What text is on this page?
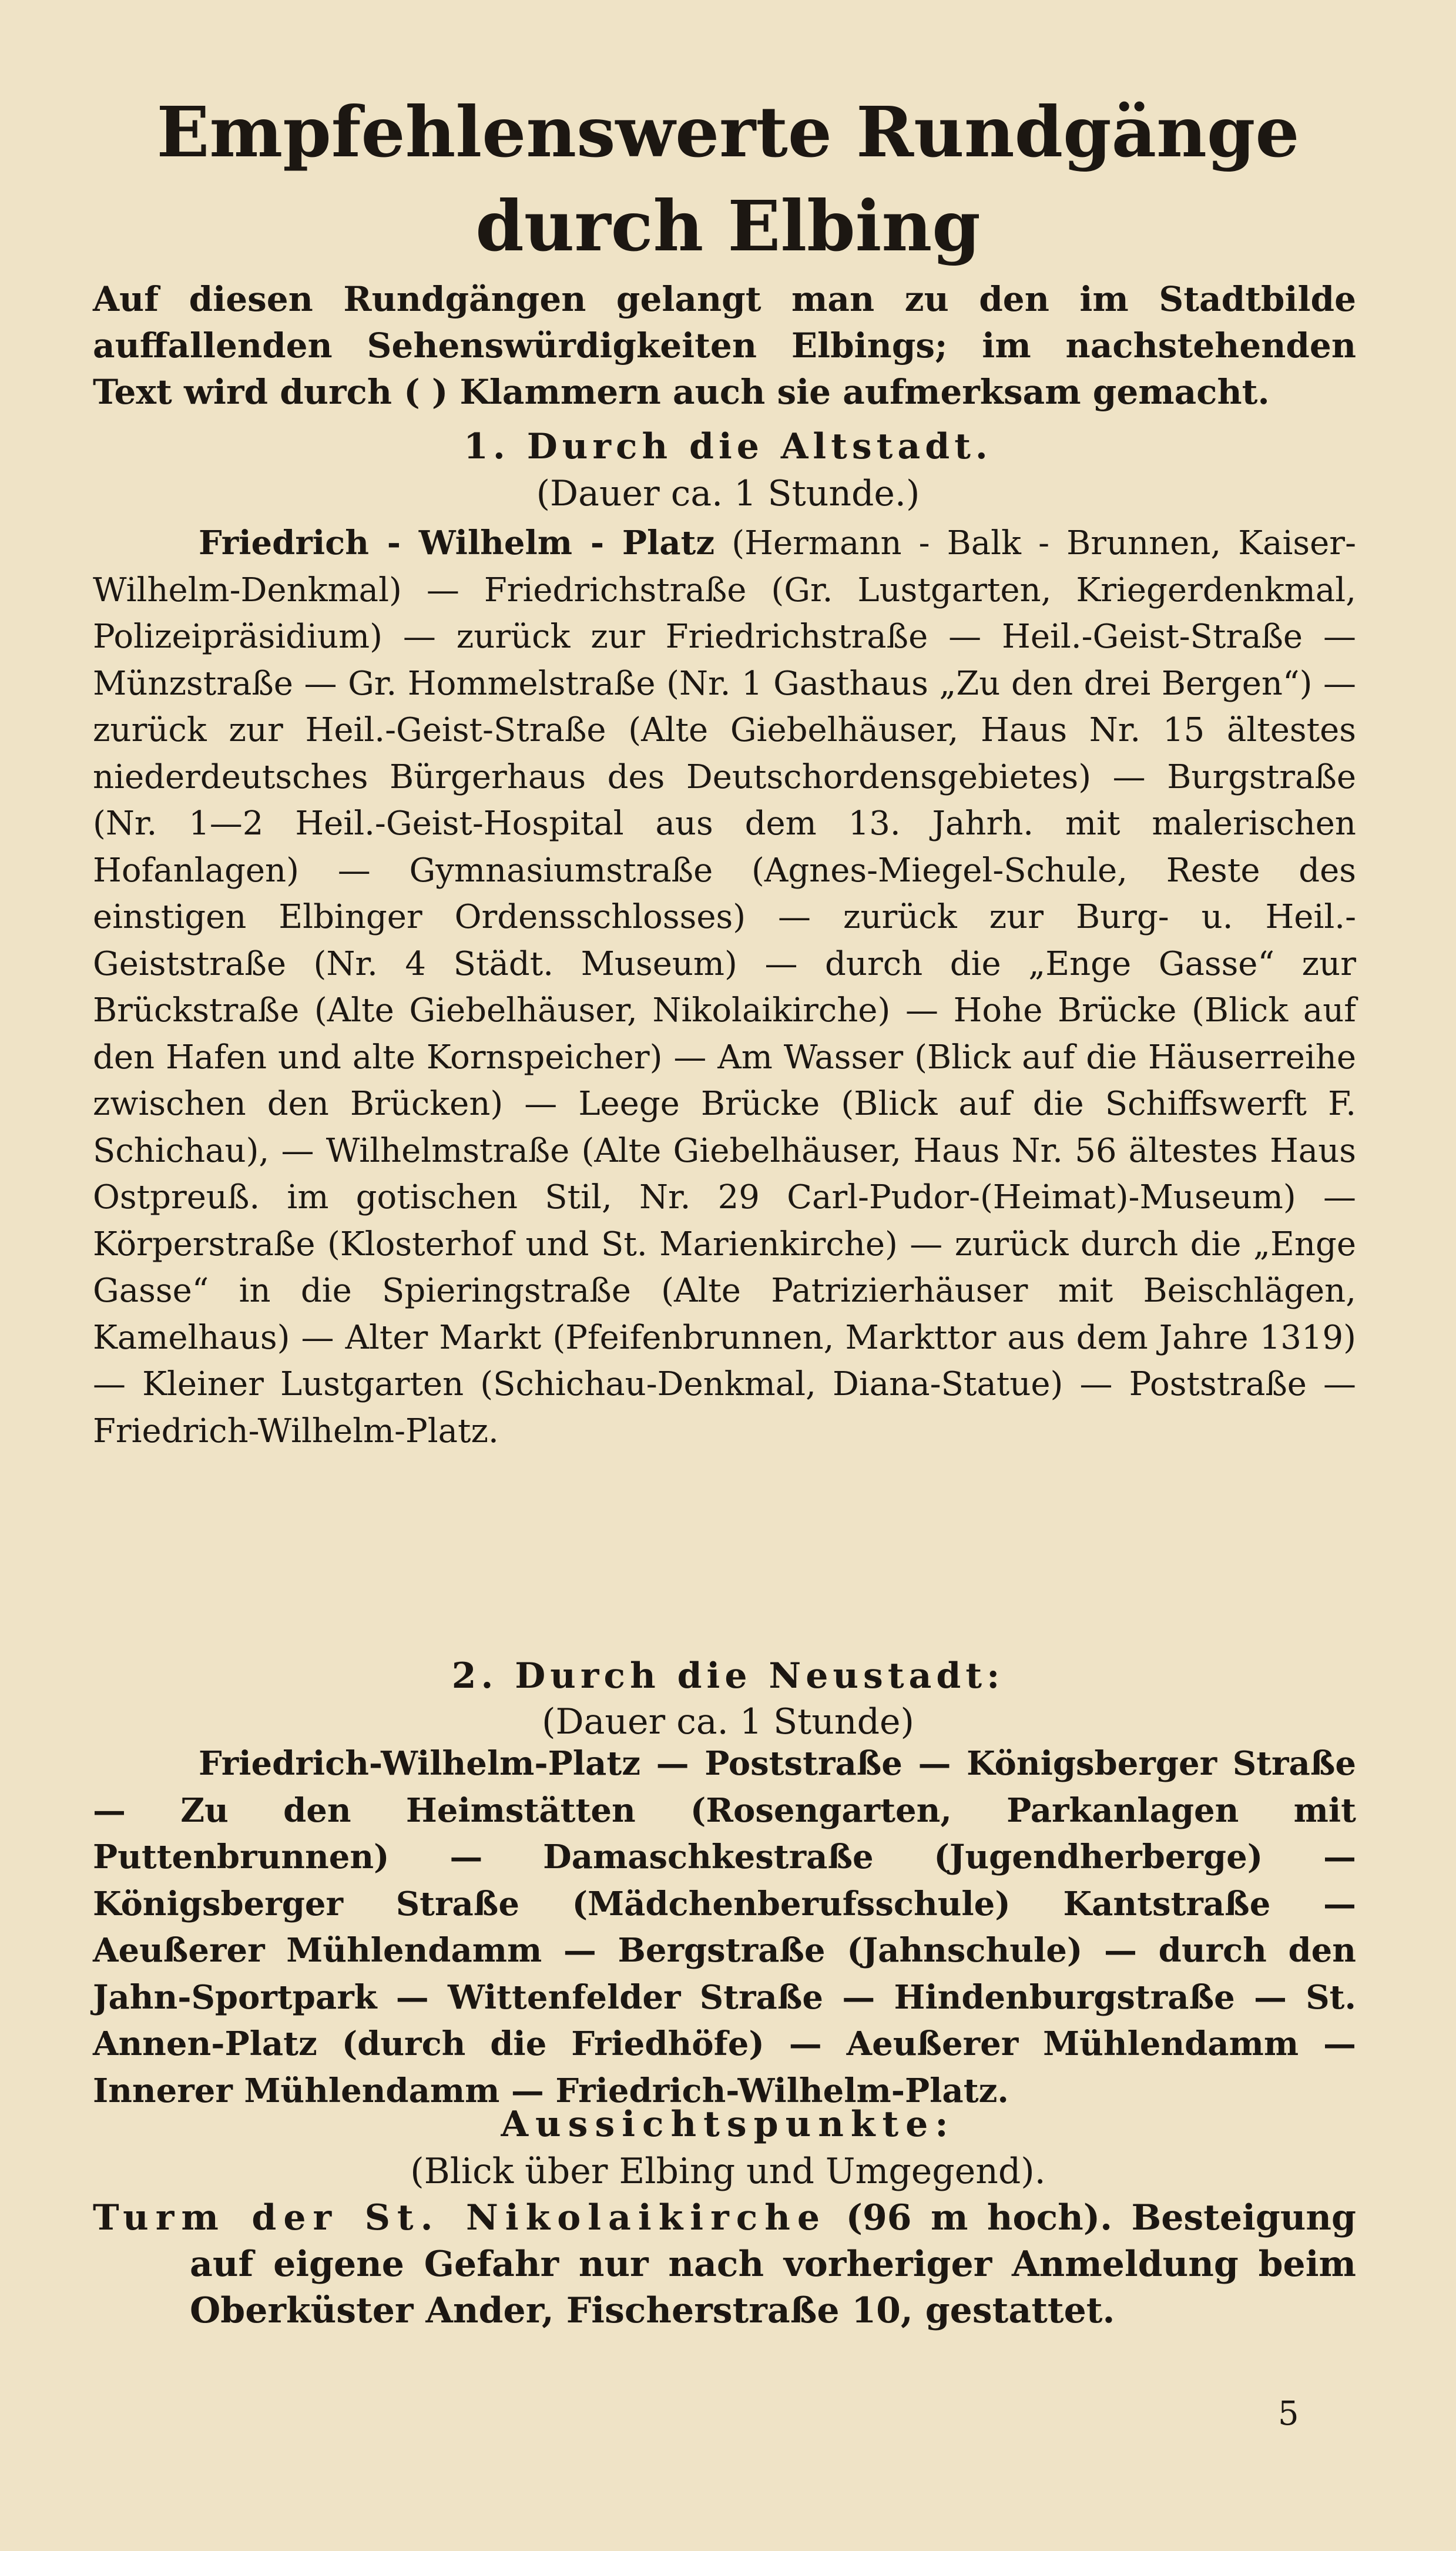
Empfehlenswerte Rundgänge durch Elbing

Auf diesen Rundgängen gelangt man zu den im Stadtbilde auffallenden Sehenswürdigkeiten Elbings; im nachstehenden Text wird durch ( ) Klammern auch sie aufmerksam gemacht.

1. Durch die Altstadt.

(Dauer ca. 1 Stunde.)

Friedrich - Wilhelm - Platz (Hermann - Balk - Brunnen, Kaiser-Wilhelm-Denkmal) — Friedrichstraße (Gr. Lustgarten, Kriegerdenkmal, Polizeipräsidium) — zurück zur Friedrichstraße — Heil.-Geist-Straße — Münzstraße — Gr. Hommelstraße (Nr. 1 Gasthaus „Zu den drei Bergen“) — zurück zur Heil.-Geist-Straße (Alte Giebelhäuser, Haus Nr. 15 ältestes niederdeutsches Bürgerhaus des Deutschordensgebietes) — Burgstraße (Nr. 1—2 Heil.-Geist-Hospital aus dem 13. Jahrh. mit malerischen Hofanlagen) — Gymnasiumstraße (Agnes-Miegel-Schule, Reste des einstigen Elbinger Ordensschlosses) — zurück zur Burg- u. Heil.-Geiststraße (Nr. 4 Städt. Museum) — durch die „Enge Gasse“ zur Brückstraße (Alte Giebelhäuser, Nikolaikirche) — Hohe Brücke (Blick auf den Hafen und alte Kornspeicher) — Am Wasser (Blick auf die Häuserreihe zwischen den Brücken) — Leege Brücke (Blick auf die Schiffswerft F. Schichau), — Wilhelmstraße (Alte Giebelhäuser, Haus Nr. 56 ältestes Haus Ostpreuß. im gotischen Stil, Nr. 29 Carl-Pudor-(Heimat)-Museum) — Körperstraße (Klosterhof und St. Marienkirche) — zurück durch die „Enge Gasse“ in die Spieringstraße (Alte Patrizierhäuser mit Beischlägen, Kamelhaus) — Alter Markt (Pfeifenbrunnen, Markttor aus dem Jahre 1319) — Kleiner Lustgarten (Schichau-Denkmal, Diana-Statue) — Poststraße — Friedrich-Wilhelm-Platz.

2. Durch die Neustadt:

(Dauer ca. 1 Stunde)

Friedrich-Wilhelm-Platz — Poststraße — Königsberger Straße — Zu den Heimstätten (Rosengarten, Parkanlagen mit Puttenbrunnen) — Damaschkestraße (Jugendherberge) — Königsberger Straße (Mädchenberufsschule) Kantstraße — Aeußerer Mühlendamm — Bergstraße (Jahnschule) — durch den Jahn-Sportpark — Wittenfelder Straße — Hindenburgstraße — St. Annen-Platz (durch die Friedhöfe) — Aeußerer Mühlendamm — Innerer Mühlendamm — Friedrich-Wilhelm-Platz.

Aussichtspunkte:

(Blick über Elbing und Umgegend).

Turm der St. Nikolaikirche (96 m hoch). Besteigung auf eigene Gefahr nur nach vorheriger Anmeldung beim Oberküster Ander, Fischerstraße 10, gestattet.

5
